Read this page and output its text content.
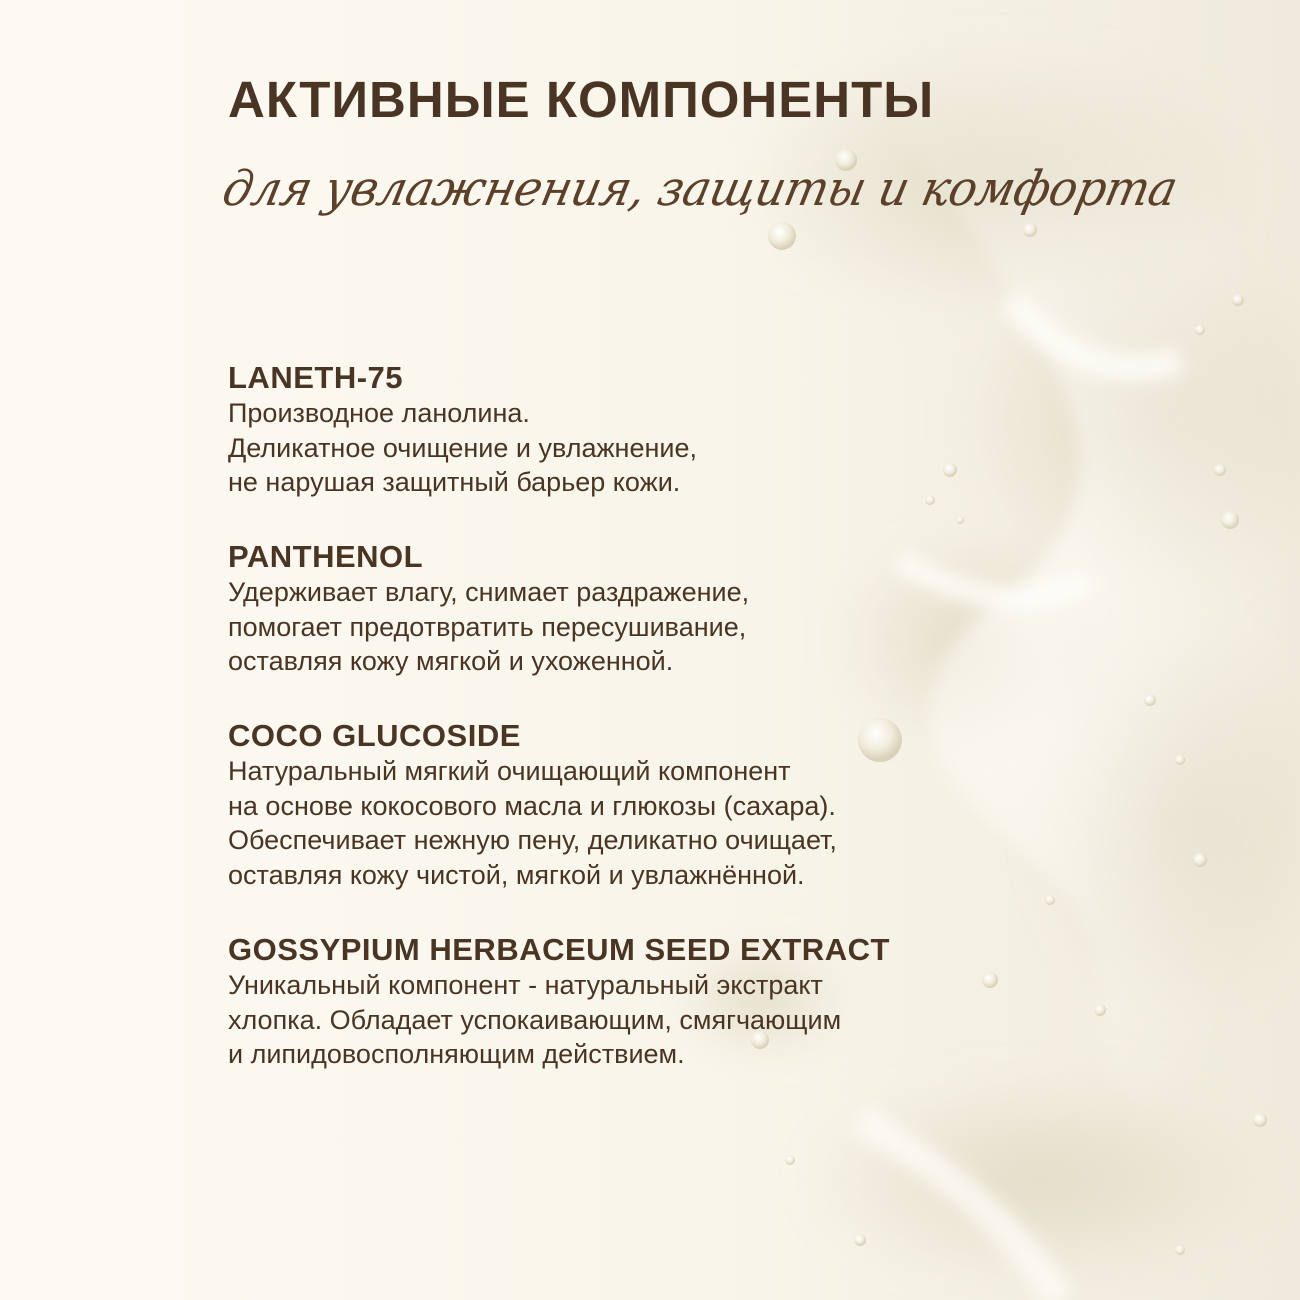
АКТИВНЫЕ КОМПОНЕНТЫ

для увлажнения, защиты и комфорта

LANETH-75
Производное ланолина.
Деликатное очищение и увлажнение,
не нарушая защитный барьер кожи.
PANTHENOL
Удерживает влагу, снимает раздражение,
помогает предотвратить пересушивание,
оставляя кожу мягкой и ухоженной.
COCO GLUCOSIDE
Натуральный мягкий очищающий компонент
на основе кокосового масла и глюкозы (сахара).
Обеспечивает нежную пену, деликатно очищает,
оставляя кожу чистой, мягкой и увлажнённой.
GOSSYPIUM HERBACEUM SEED EXTRACT
Уникальный компонент - натуральный экстракт
хлопка. Обладает успокаивающим, смягчающим
и липидовосполняющим действием.
